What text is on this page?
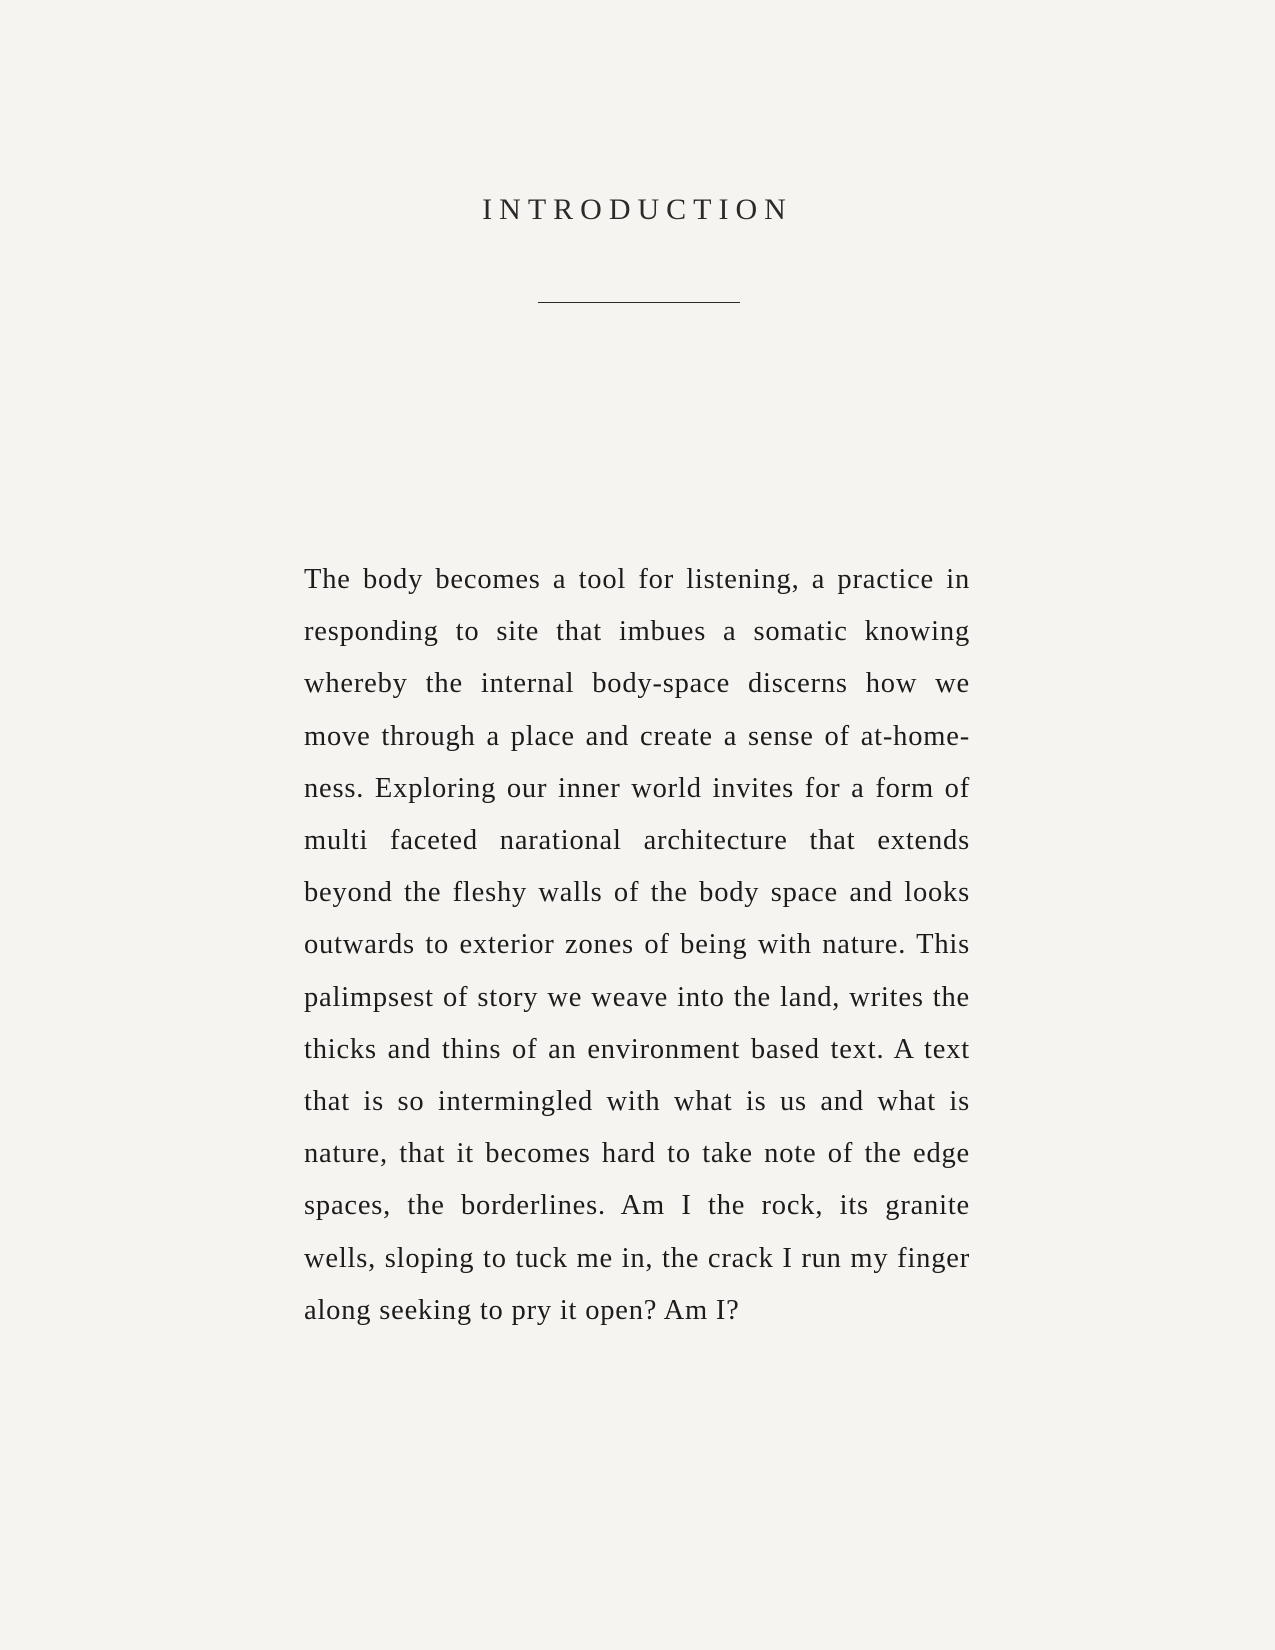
INTRODUCTION

The body becomes a tool for listening, a practice in responding to site that imbues a somatic knowing whereby the internal body-space discerns how we move through a place and create a sense of at-home-ness. Exploring our inner world invites for a form of multi faceted narational architecture that extends beyond the fleshy walls of the body space and looks outwards to exterior zones of being with nature. This palimpsest of story we weave into the land, writes the thicks and thins of an environment based text. A text that is so intermingled with what is us and what is nature, that it becomes hard to take note of the edge spaces, the borderlines. Am I the rock, its granite wells, sloping to tuck me in, the crack I run my finger along seeking to pry it open? Am I?
